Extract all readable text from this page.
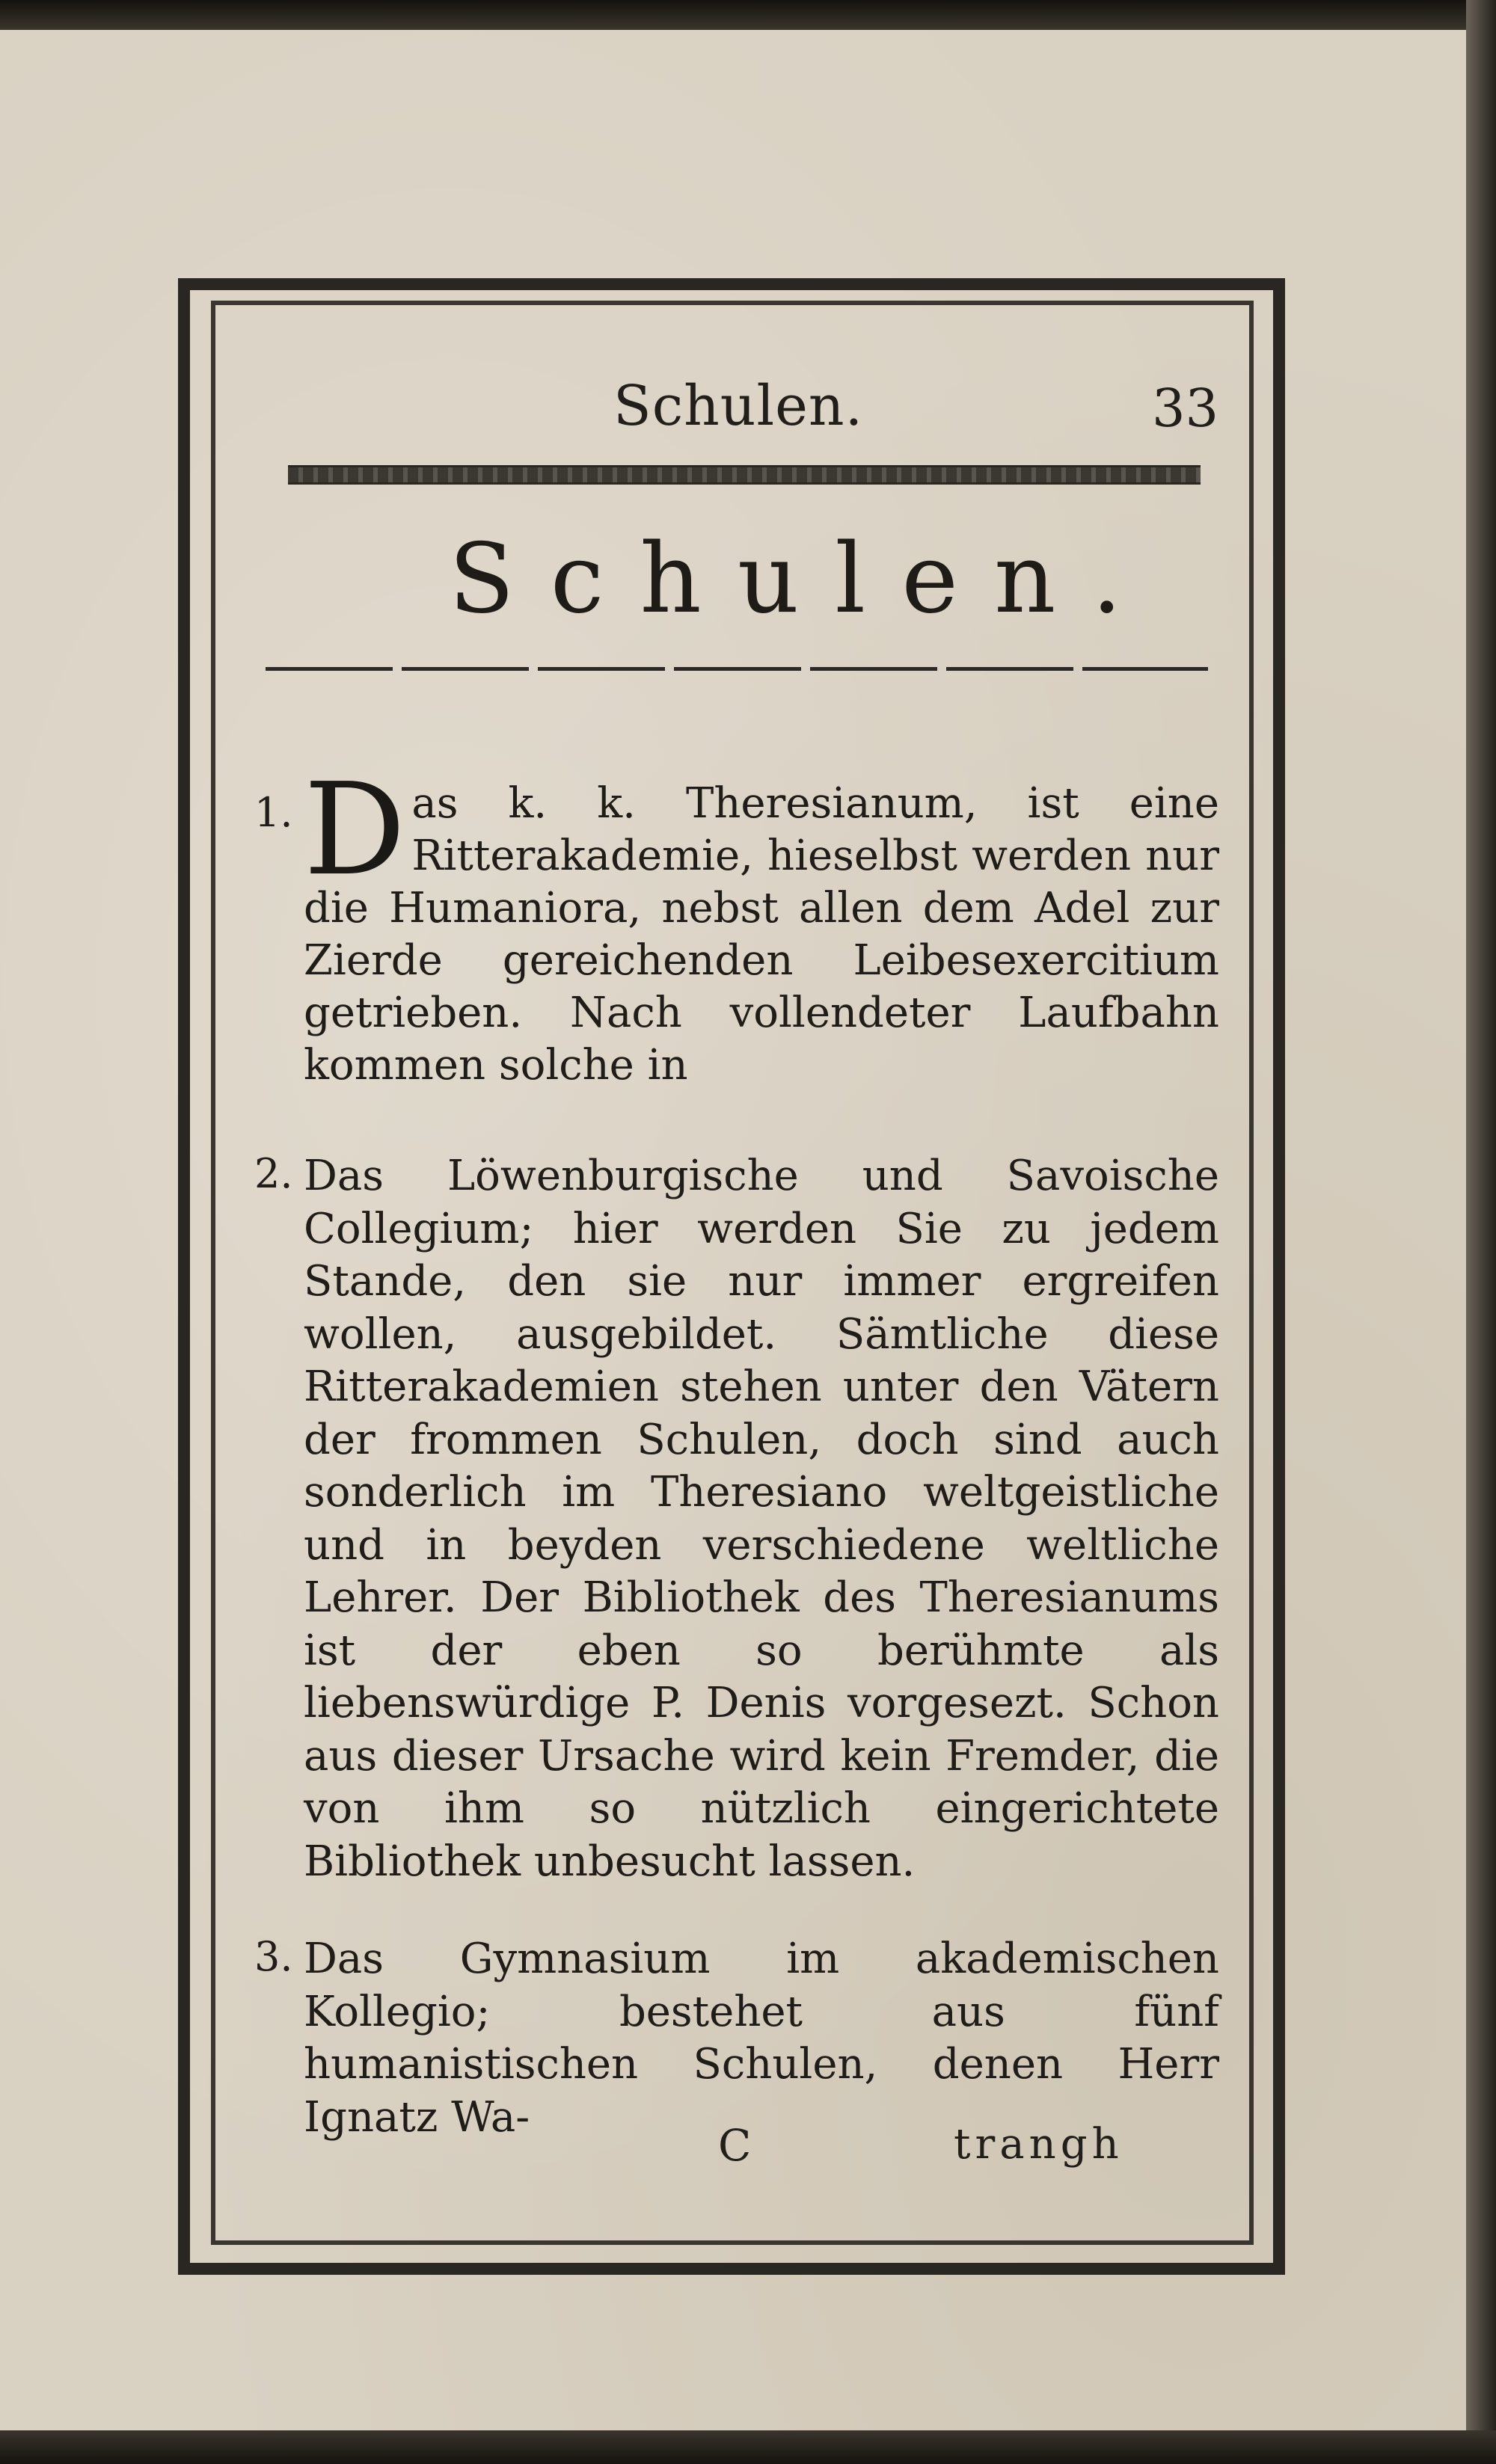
Schulen.	33
Schulen.
1. Das k. k. Theresianum, ist eine Ritterakademie, hieselbst werden nur die Humaniora, nebst allen dem Adel zur Zierde gereichenden Leibesexercitium getrieben. Nach vollendeter Laufbahn kommen solche in
2. Das Löwenburgische und Savoische Collegium; hier werden Sie zu jedem Stande, den sie nur immer ergreifen wollen, ausgebildet. Sämtliche diese Ritterakademien stehen unter den Vätern der frommen Schulen, doch sind auch sonderlich im Theresiano weltgeistliche und in beyden verschiedene weltliche Lehrer. Der Bibliothek des Theresianums ist der eben so berühmte als liebenswürdige P. Denis vorgesezt. Schon aus dieser Ursache wird kein Fremder, die von ihm so nützlich eingerichtete Bibliothek unbesucht lassen.
3. Das Gymnasium im akademischen Kollegio; bestehet aus fünf humanistischen Schulen, denen Herr Ignatz Wa-
C	trangh
